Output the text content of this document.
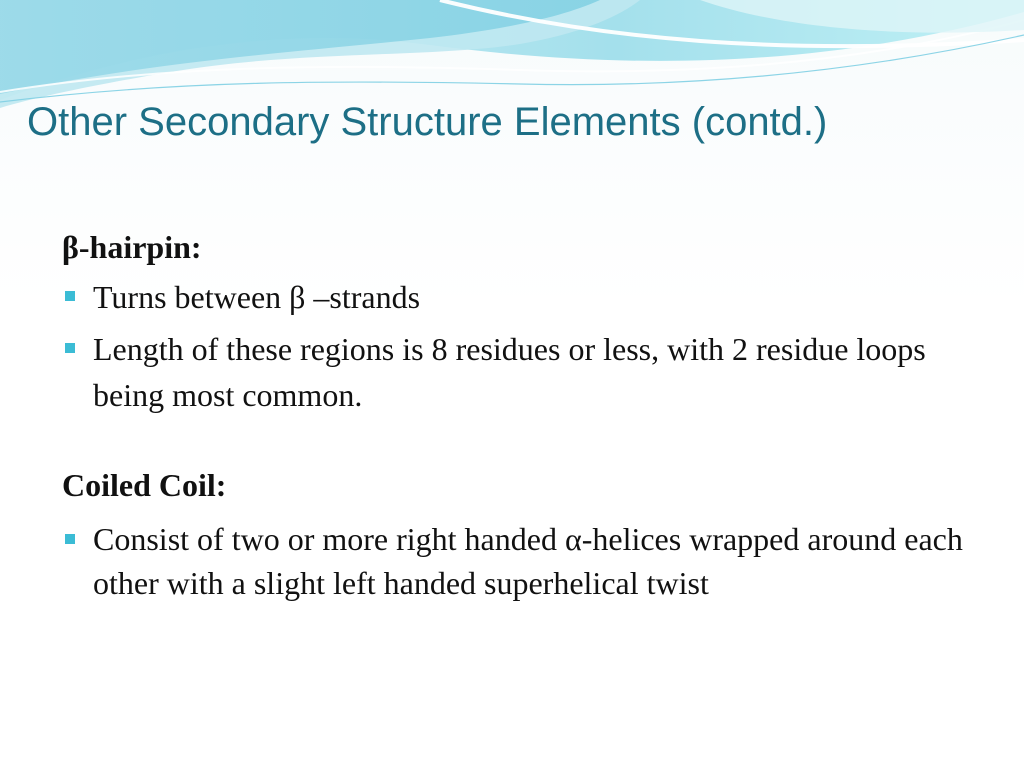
Other Secondary Structure Elements (contd.)
β-hairpin:
Turns between β –strands
Length of these regions is 8 residues or less, with 2 residue loops being most common.
Coiled Coil:
Consist of two or more right handed α-helices wrapped around each other with a slight left handed superhelical twist
